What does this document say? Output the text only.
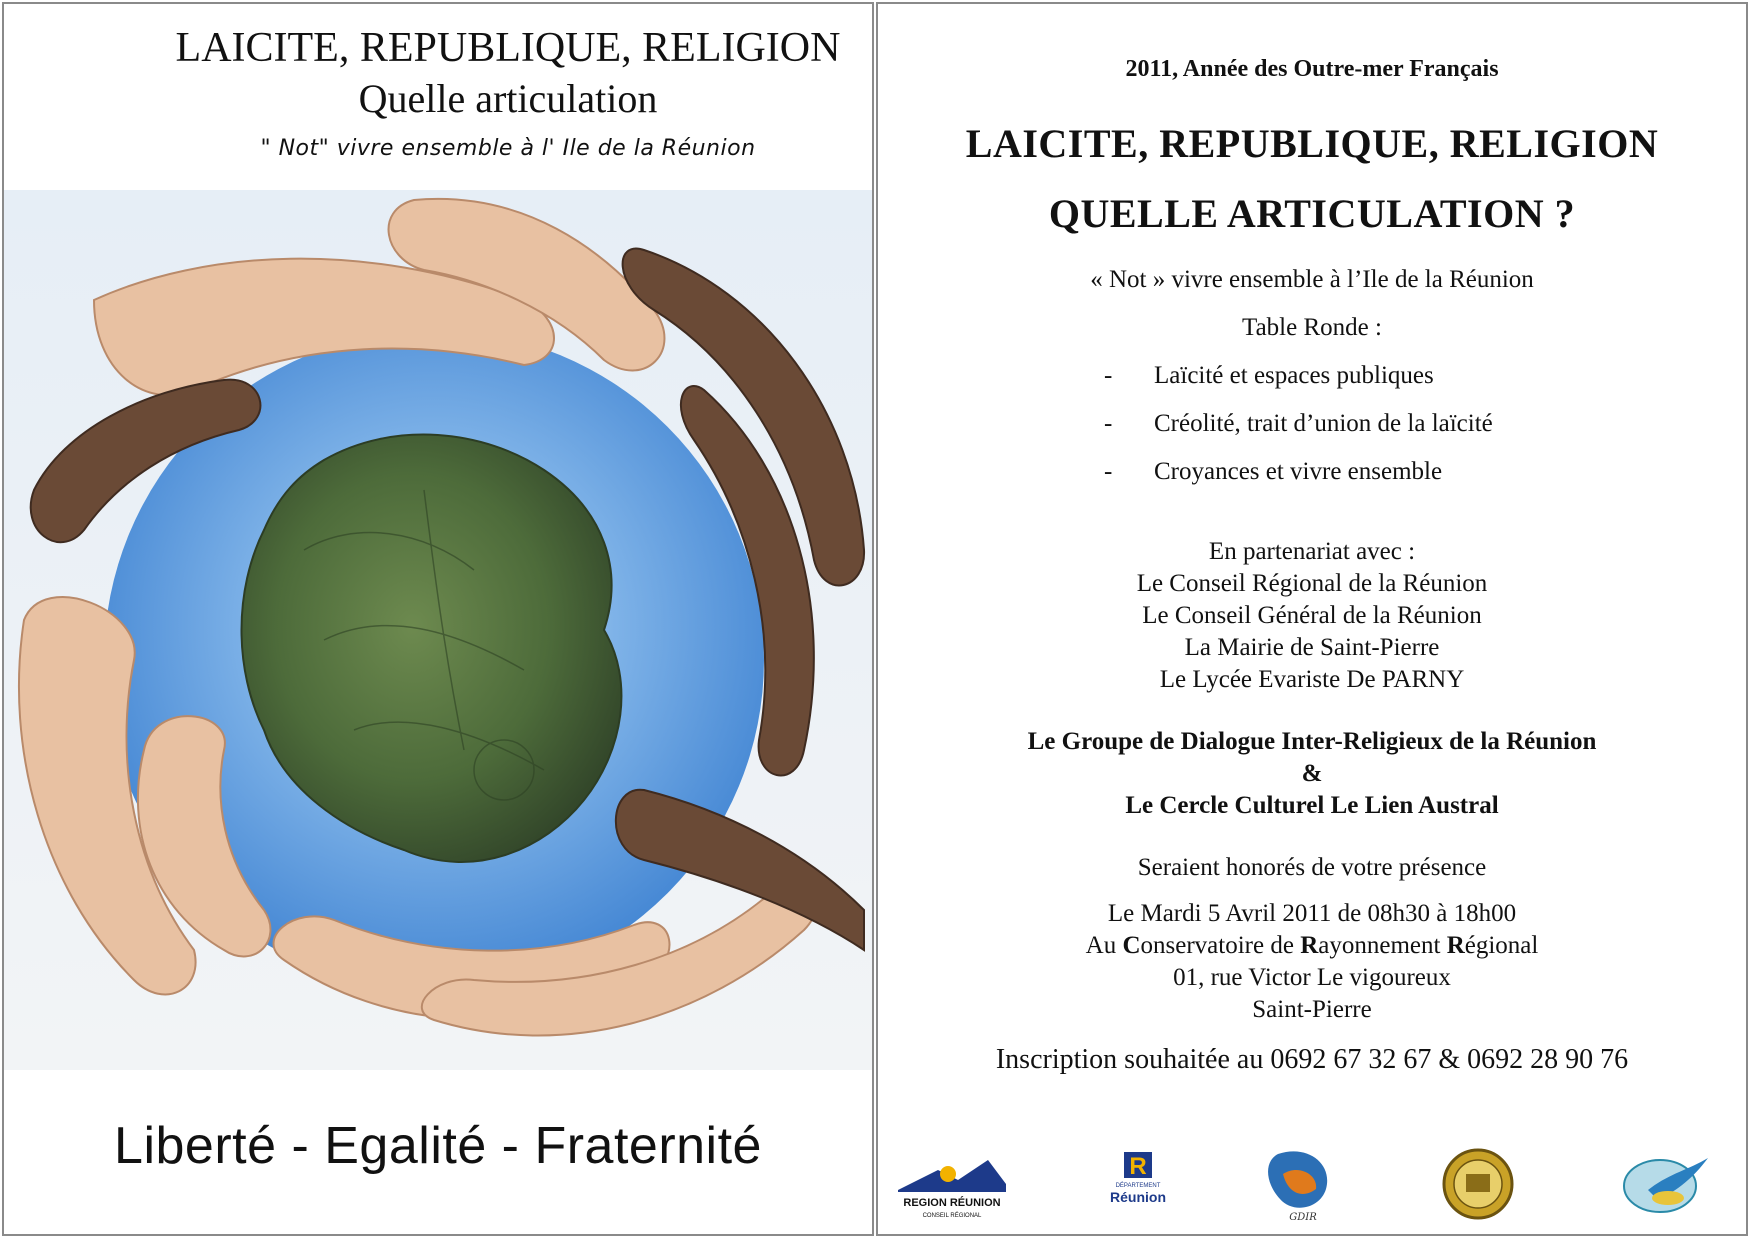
LAICITE, REPUBLIQUE, RELIGION
Quelle articulation
" Not" vivre ensemble à l' Ile de la Réunion
Liberté - Egalité - Fraternité
2011, Année des Outre-mer Français
LAICITE, REPUBLIQUE, RELIGION
QUELLE ARTICULATION ?
« Not » vivre ensemble à l’Ile de la Réunion
Table Ronde :
- Laïcité et espaces publiques
- Créolité, trait d’union de la laïcité
- Croyances et vivre ensemble
En partenariat avec :
Le Conseil Régional de la Réunion
Le Conseil Général de la Réunion
La Mairie de Saint-Pierre
Le Lycée Evariste De PARNY
Le Groupe de Dialogue Inter-Religieux de la Réunion
&
Le Cercle Culturel Le Lien Austral
Seraient honorés de votre présence
Le Mardi 5 Avril 2011 de 08h30 à 18h00
Au Conservatoire de Rayonnement Régional
01, rue Victor Le vigoureux
Saint-Pierre
Inscription souhaitée au 0692 67 32 67 & 0692 28 90 76
REGION RÉUNION
CONSEIL RÉGIONAL
R
DÉPARTEMENT
Réunion
GDIR
